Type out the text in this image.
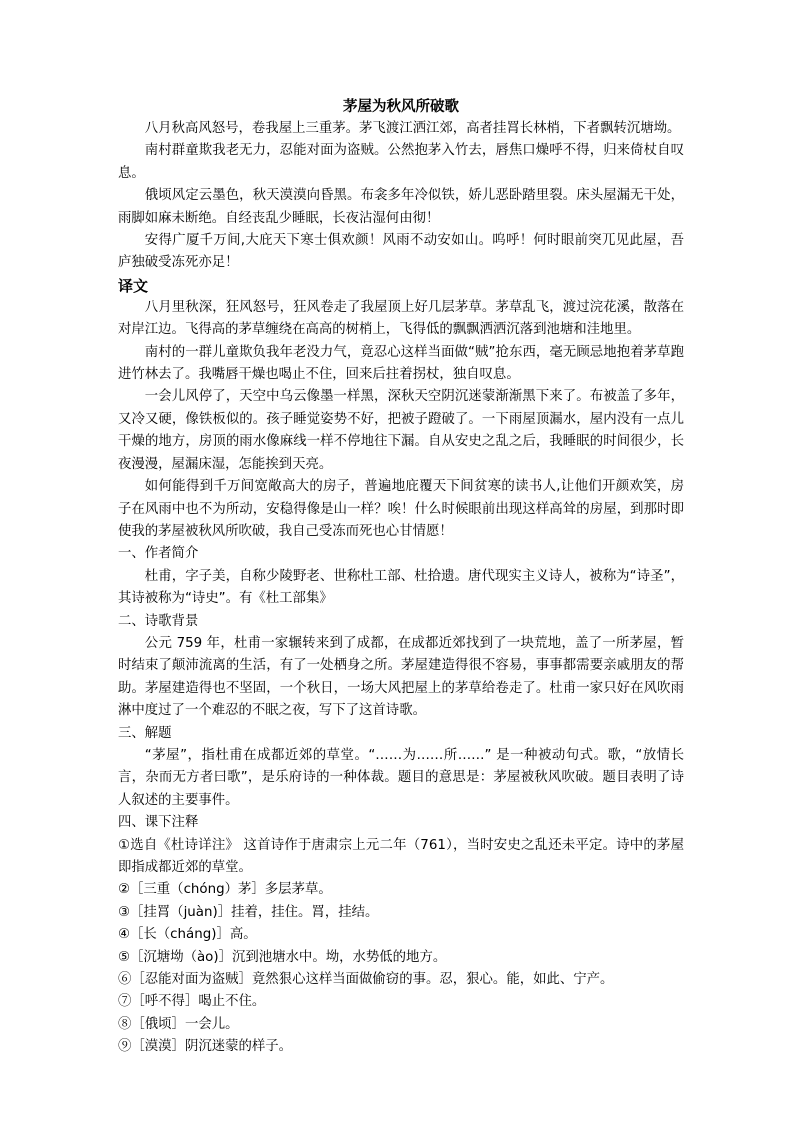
茅屋为秋风所破歌

八月秋高风怒号，卷我屋上三重茅。茅飞渡江洒江郊，高者挂罥长林梢，下者飘转沉塘坳。

南村群童欺我老无力，忍能对面为盗贼。公然抱茅入竹去，唇焦口燥呼不得，归来倚杖自叹息。

俄顷风定云墨色，秋天漠漠向昏黑。布衾多年冷似铁，娇儿恶卧踏里裂。床头屋漏无干处，雨脚如麻未断绝。自经丧乱少睡眠，长夜沾湿何由彻！

安得广厦千万间,大庇天下寒士俱欢颜！风雨不动安如山。呜呼！何时眼前突兀见此屋，吾庐独破受冻死亦足！

译文

八月里秋深，狂风怒号，狂风卷走了我屋顶上好几层茅草。茅草乱飞，渡过浣花溪，散落在对岸江边。飞得高的茅草缠绕在高高的树梢上，飞得低的飘飘洒洒沉落到池塘和洼地里。

南村的一群儿童欺负我年老没力气，竟忍心这样当面做“贼”抢东西，毫无顾忌地抱着茅草跑进竹林去了。我嘴唇干燥也喝止不住，回来后拄着拐杖，独自叹息。

一会儿风停了，天空中乌云像墨一样黑，深秋天空阴沉迷蒙渐渐黑下来了。布被盖了多年，又冷又硬，像铁板似的。孩子睡觉姿势不好，把被子蹬破了。一下雨屋顶漏水，屋内没有一点儿干燥的地方，房顶的雨水像麻线一样不停地往下漏。自从安史之乱之后，我睡眠的时间很少，长夜漫漫，屋漏床湿，怎能挨到天亮。

如何能得到千万间宽敞高大的房子，普遍地庇覆天下间贫寒的读书人,让他们开颜欢笑，房子在风雨中也不为所动，安稳得像是山一样？唉！什么时候眼前出现这样高耸的房屋，到那时即使我的茅屋被秋风所吹破，我自己受冻而死也心甘情愿！

一、作者简介

杜甫，字子美，自称少陵野老、世称杜工部、杜拾遗。唐代现实主义诗人，被称为“诗圣”，其诗被称为“诗史”。有《杜工部集》

二、诗歌背景

公元 759 年，杜甫一家辗转来到了成都，在成都近郊找到了一块荒地，盖了一所茅屋，暂时结束了颠沛流离的生活，有了一处栖身之所。茅屋建造得很不容易，事事都需要亲戚朋友的帮助。茅屋建造得也不坚固，一个秋日，一场大风把屋上的茅草给卷走了。杜甫一家只好在风吹雨淋中度过了一个难忍的不眠之夜，写下了这首诗歌。

三、解题

“茅屋”，指杜甫在成都近郊的草堂。“……为……所……” 是一种被动句式。歌，“放情长言，杂而无方者曰歌”，是乐府诗的一种体裁。题目的意思是：茅屋被秋风吹破。题目表明了诗人叙述的主要事件。

四、课下注释

①选自《杜诗详注》 这首诗作于唐肃宗上元二年（761），当时安史之乱还未平定。诗中的茅屋即指成都近郊的草堂。

②［三重（chóng）茅］多层茅草。

③［挂罥（juàn)］挂着，挂住。罥，挂结。

④［长（cháng)］高。

⑤［沉塘坳（ào)］沉到池塘水中。坳，水势低的地方。

⑥［忍能对面为盗贼］竟然狠心这样当面做偷窃的事。忍，狠心。能，如此、宁产。

⑦［呼不得］喝止不住。

⑧［俄顷］一会儿。

⑨［漠漠］阴沉迷蒙的样子。
